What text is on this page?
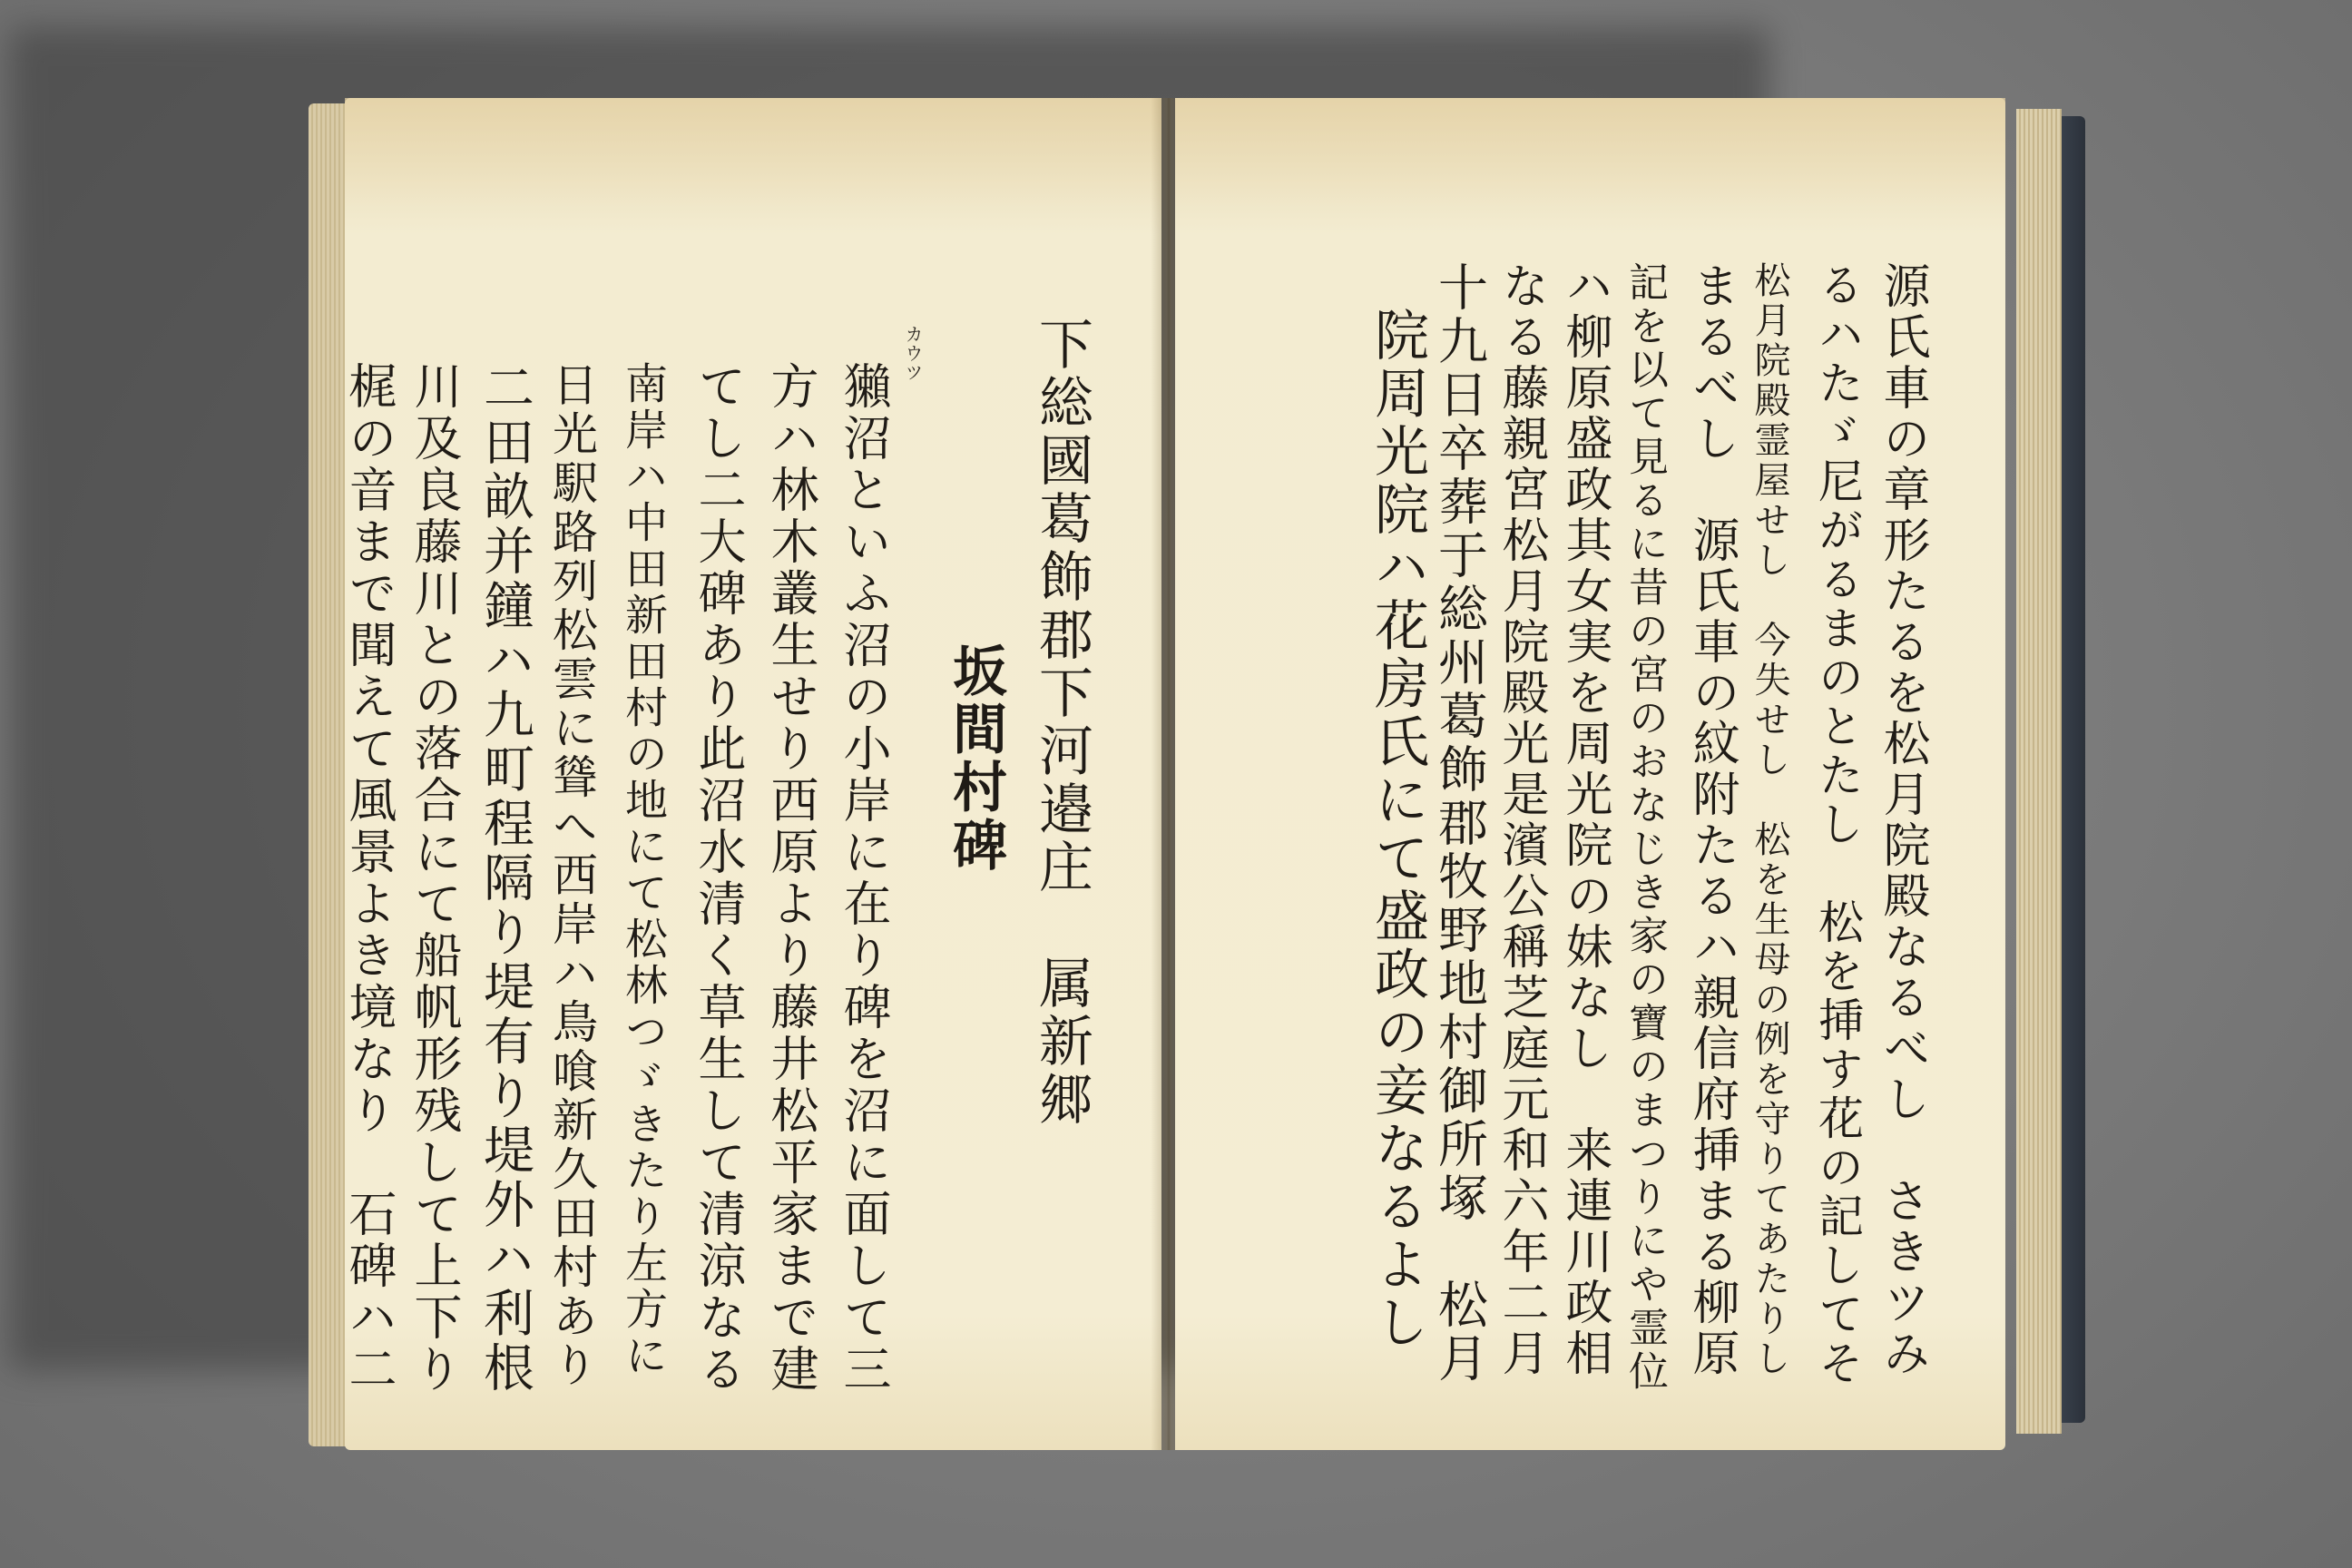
下総國葛飾郡下河邉庄　属新郷
坂間村碑
カウツ
獺沼といふ沼の小岸に在り碑を沼に面して三
方ハ林木叢生せり西原より藤井松平家まで建
てし二大碑あり此沼水清く草生して清涼なる
南岸ハ中田新田村の地にて松林つゞきたり左方に
日光駅路列松雲に聳へ西岸ハ鳥喰新久田村あり
二田畝并鐘ハ九町程隔り堤有り堤外ハ利根
川及良藤川との落合にて船帆形残して上下り
梶の音まで聞えて風景よき境なり　石碑ハ二	源氏車の章形たるを松月院殿なるべし　さきツみ
るハたゞ尼がるまのとたし　松を挿す花の記してそ
松月院殿霊屋せし　今失せし　松を生母の例を守りてあたりし
まるべし　源氏車の紋附たるハ親信府挿まる柳原
記を以て見るに昔の宮のおなじき家の寶のまつりにや霊位
ハ柳原盛政其女実を周光院の妹なし　来連川政相
なる藤親宮松月院殿光是濱公稱芝庭元和六年二月
十九日卒葬于総州葛飾郡牧野地村御所塚　松月
院周光院ハ花房氏にて盛政の妾なるよし
